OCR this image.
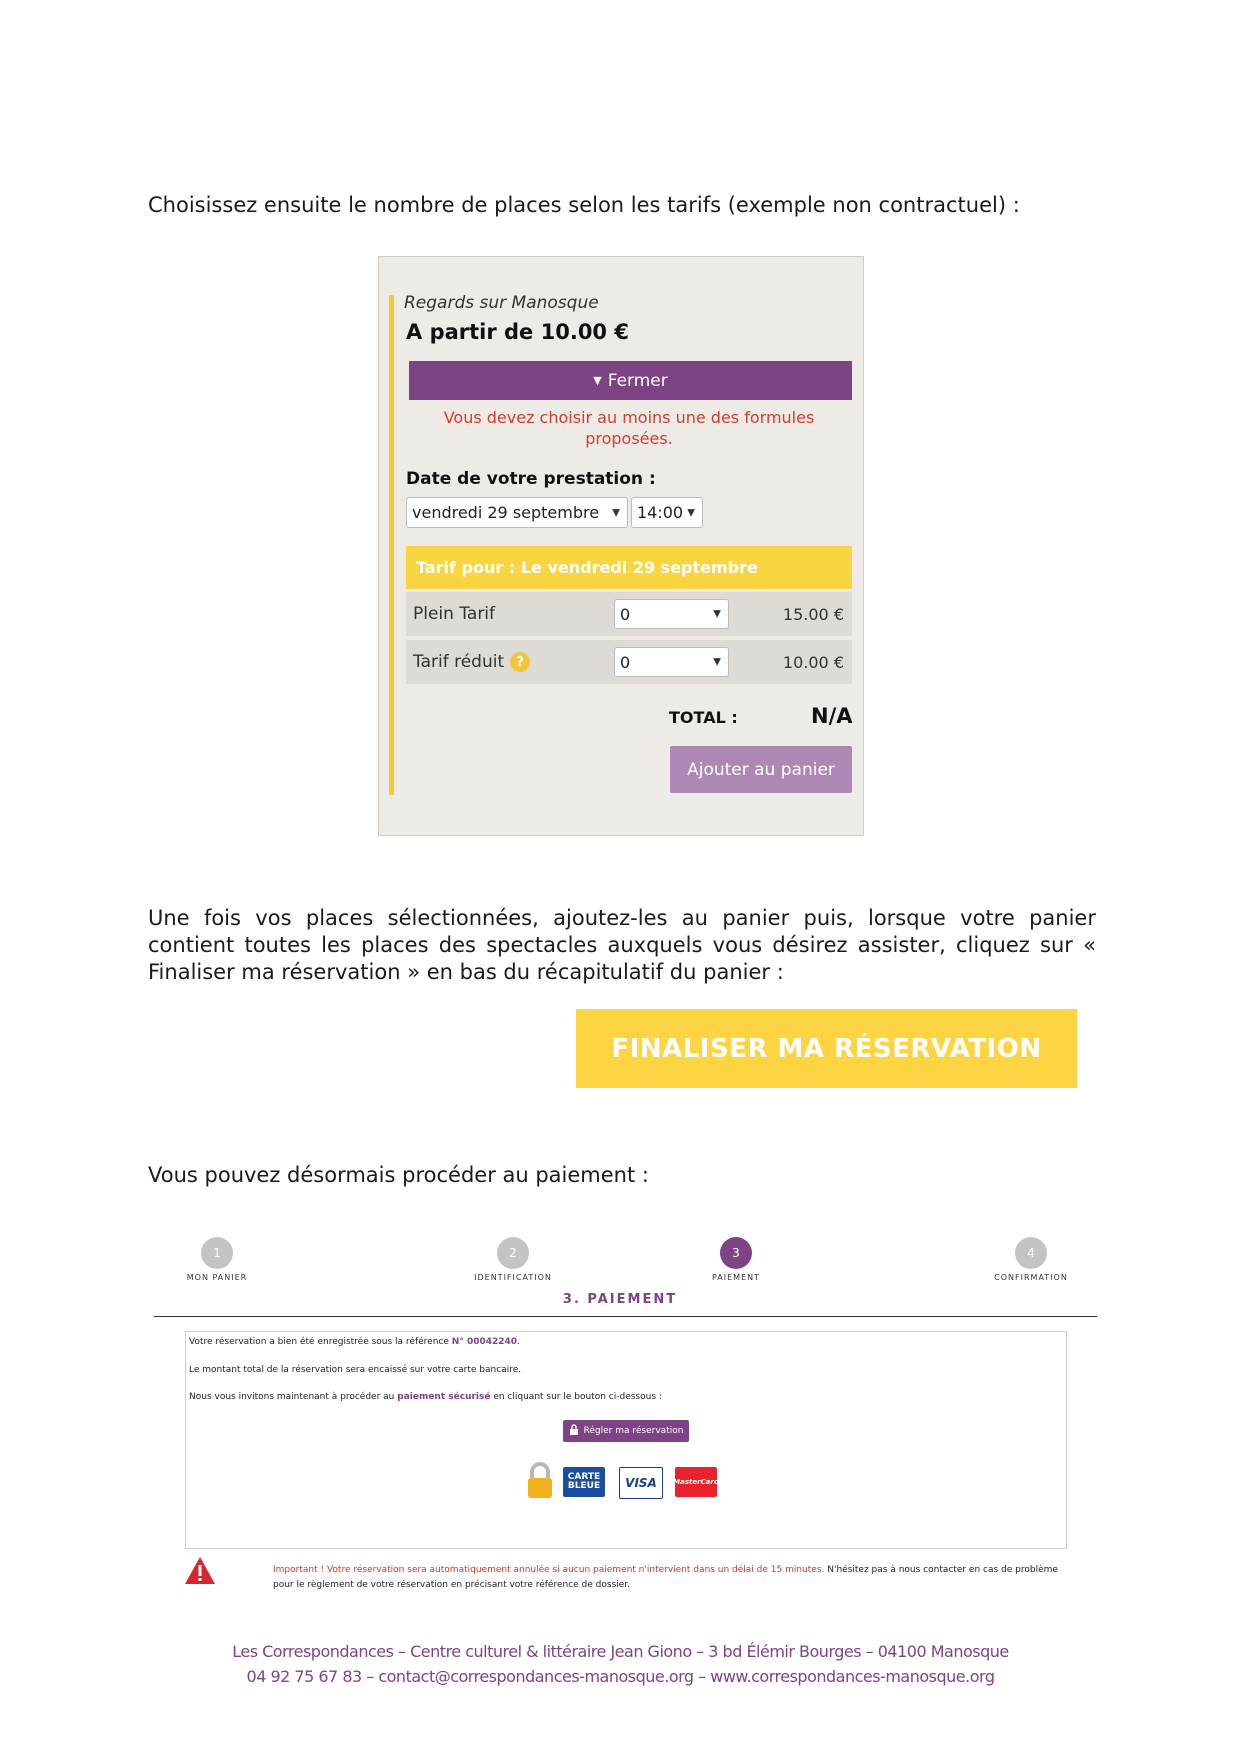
Choisissez ensuite le nombre de places selon les tarifs (exemple non contractuel) :
Regards sur Manosque
A partir de 10.00 €
▼ Fermer
Vous devez choisir au moins une des formules proposées.
Date de votre prestation :
vendredi 29 septembre ▼ 14:00 ▼
Tarif pour : Le vendredi 29 septembre
Plein Tarif	0	▼	15.00 €
Tarif réduit ?	0	▼	10.00 €
TOTAL :	N/A
Ajouter au panier
Une fois vos places sélectionnées, ajoutez-les au panier puis, lorsque votre panier contient toutes les places des spectacles auxquels vous désirez assister, cliquez sur « Finaliser ma réservation » en bas du récapitulatif du panier :
FINALISER MA RÉSERVATION
Vous pouvez désormais procéder au paiement :
1
MON PANIER
2
IDENTIFICATION
3
PAIEMENT
4
CONFIRMATION
3. PAIEMENT
Votre réservation a bien été enregistrée sous la référence N° 00042240.
Le montant total de la réservation sera encaissé sur votre carte bancaire.
Nous vous invitons maintenant à procéder au paiement sécurisé en cliquant sur le bouton ci-dessous :
Régler ma réservation
CARTE BLEUE	VISA	MasterCard
Important ! Votre réservation sera automatiquement annulée si aucun paiement n'intervient dans un délai de 15 minutes. N'hésitez pas à nous contacter en cas de problème pour le règlement de votre réservation en précisant votre référence de dossier.
Les Correspondances – Centre culturel & littéraire Jean Giono – 3 bd Élémir Bourges – 04100 Manosque
04 92 75 67 83 – contact@correspondances-manosque.org – www.correspondances-manosque.org
